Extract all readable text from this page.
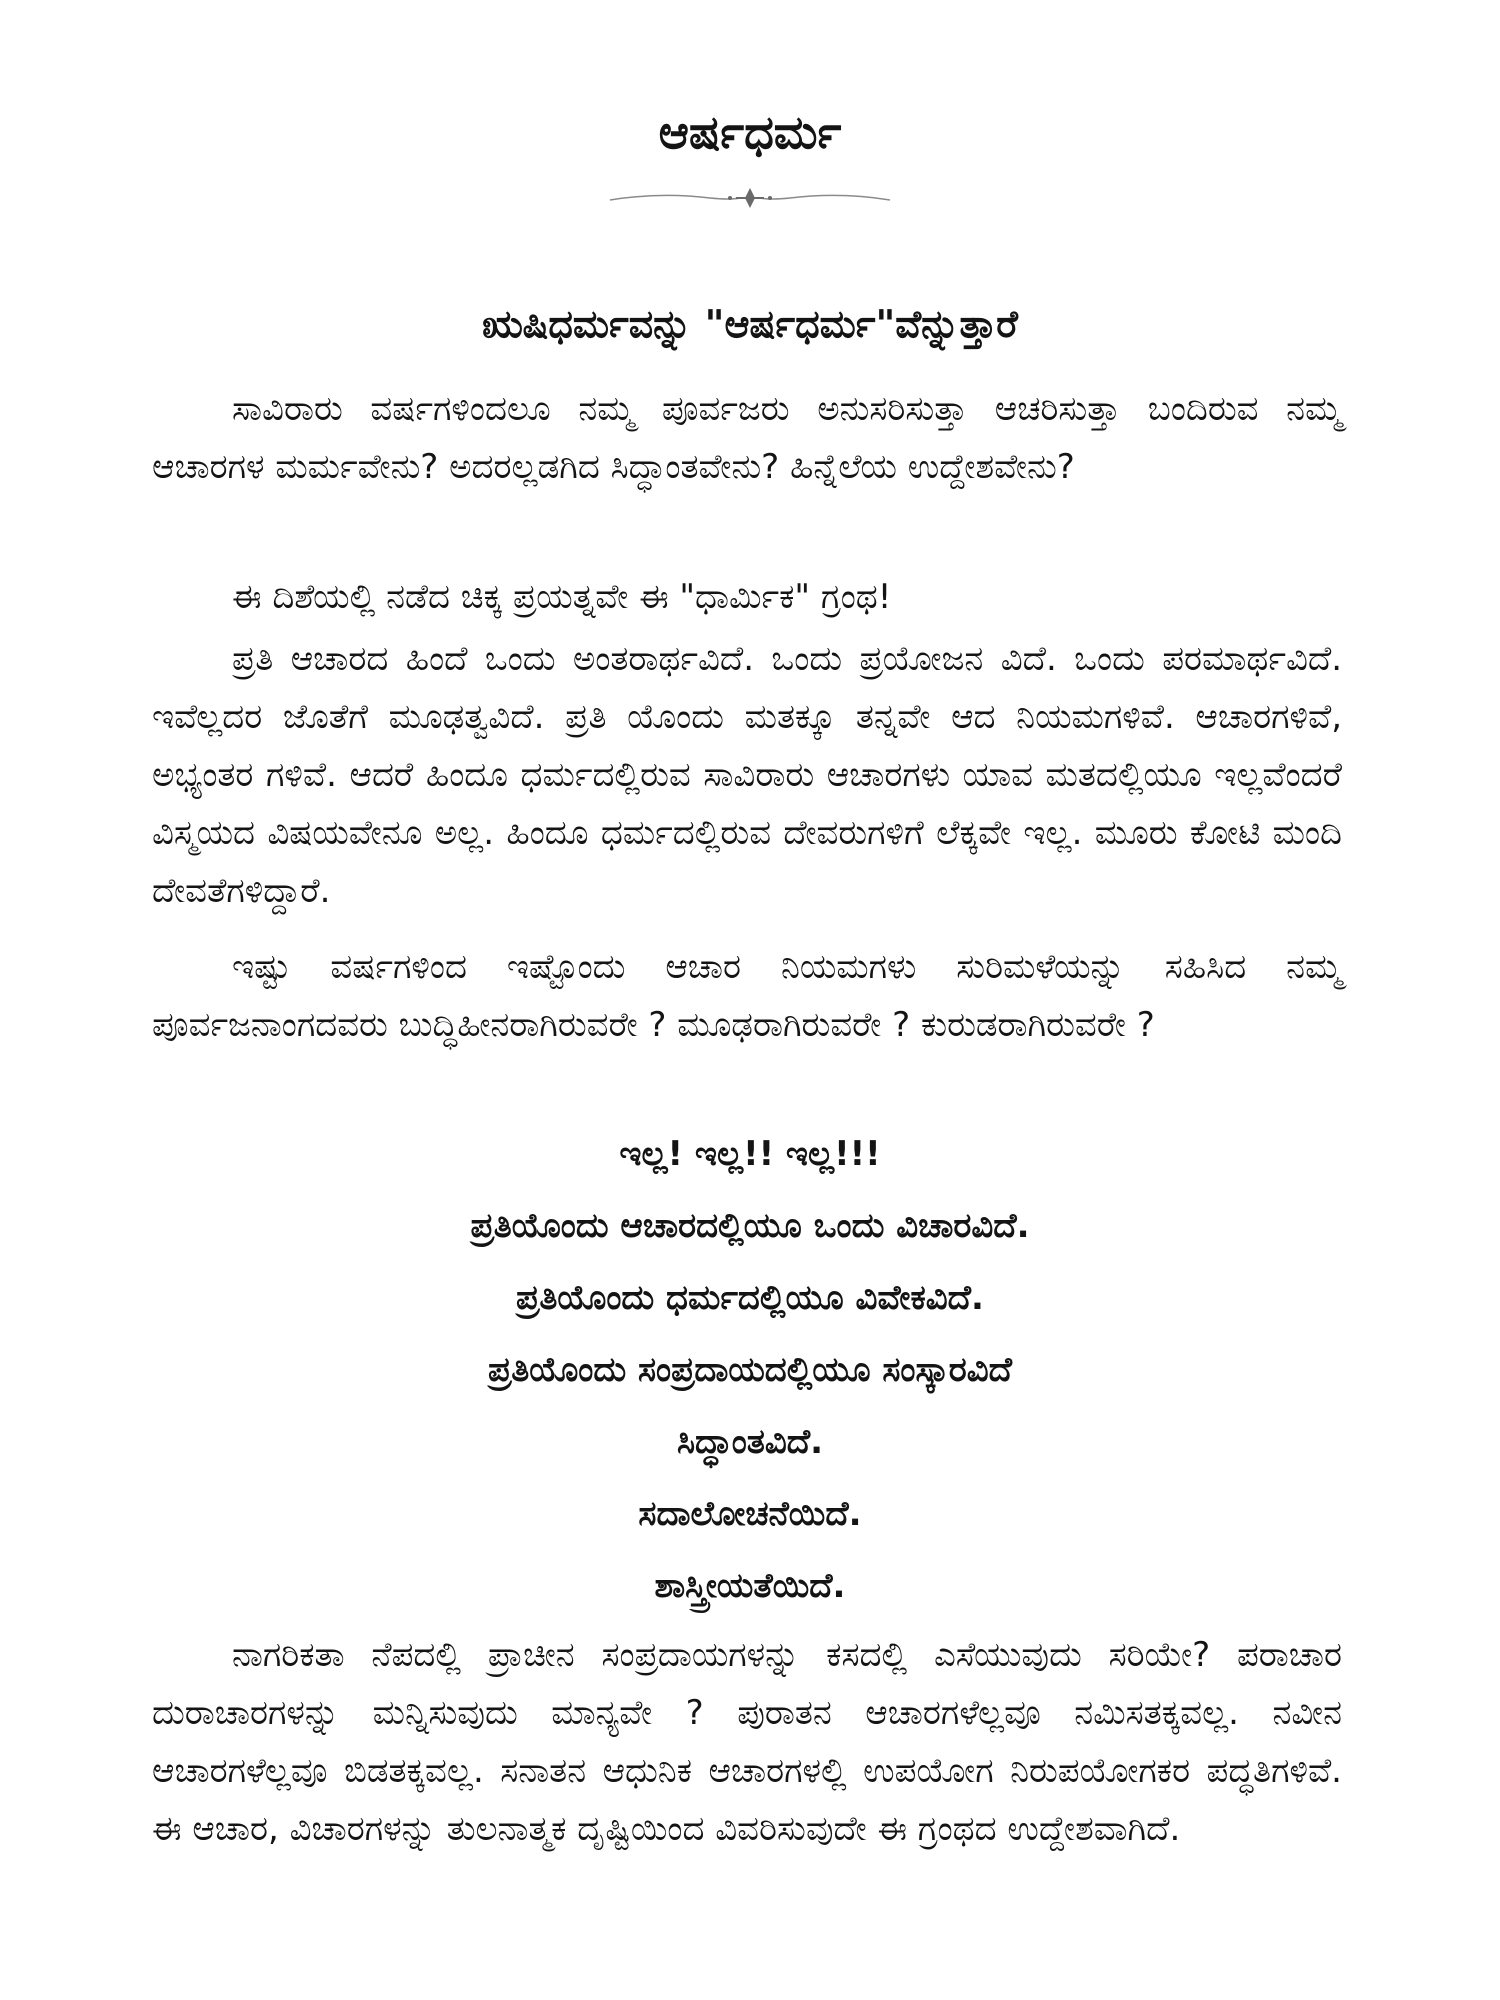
ಆರ್ಷಧರ್ಮ
ಋಷಿಧರ್ಮವನ್ನು "ಆರ್ಷಧರ್ಮ"ವೆನ್ನುತ್ತಾರೆ

ಸಾವಿರಾರು ವರ್ಷಗಳಿಂದಲೂ ನಮ್ಮ ಪೂರ್ವಜರು ಅನುಸರಿಸುತ್ತಾ ಆಚರಿಸುತ್ತಾ ಬಂದಿರುವ ನಮ್ಮ ಆಚಾರಗಳ ಮರ್ಮವೇನು? ಅದರಲ್ಲಡಗಿದ ಸಿದ್ಧಾಂತವೇನು? ಹಿನ್ನೆಲೆಯ ಉದ್ದೇಶವೇನು?

ಈ ದಿಶೆಯಲ್ಲಿ ನಡೆದ ಚಿಕ್ಕ ಪ್ರಯತ್ನವೇ ಈ "ಧಾರ್ಮಿಕ" ಗ್ರಂಥ!

ಪ್ರತಿ ಆಚಾರದ ಹಿಂದೆ ಒಂದು ಅಂತರಾರ್ಥವಿದೆ. ಒಂದು ಪ್ರಯೋಜನ ವಿದೆ. ಒಂದು ಪರಮಾರ್ಥವಿದೆ. ಇವೆಲ್ಲದರ ಜೊತೆಗೆ ಮೂಢತ್ವವಿದೆ. ಪ್ರತಿ ಯೊಂದು ಮತಕ್ಕೂ ತನ್ನವೇ ಆದ ನಿಯಮಗಳಿವೆ. ಆಚಾರಗಳಿವೆ, ಅಭ್ಯಂತರ ಗಳಿವೆ. ಆದರೆ ಹಿಂದೂ ಧರ್ಮದಲ್ಲಿರುವ ಸಾವಿರಾರು ಆಚಾರಗಳು ಯಾವ ಮತದಲ್ಲಿಯೂ ಇಲ್ಲವೆಂದರೆ ವಿಸ್ಮಯದ ವಿಷಯವೇನೂ ಅಲ್ಲ. ಹಿಂದೂ ಧರ್ಮದಲ್ಲಿರುವ ದೇವರುಗಳಿಗೆ ಲೆಕ್ಕವೇ ಇಲ್ಲ. ಮೂರು ಕೋಟಿ ಮಂದಿ ದೇವತೆಗಳಿದ್ದಾರೆ.

ಇಷ್ಟು ವರ್ಷಗಳಿಂದ ಇಷ್ಟೊಂದು ಆಚಾರ ನಿಯಮಗಳು ಸುರಿಮಳೆಯನ್ನು ಸಹಿಸಿದ ನಮ್ಮ ಪೂರ್ವಜನಾಂಗದವರು ಬುದ್ಧಿಹೀನರಾಗಿರುವರೇ ? ಮೂಢರಾಗಿರುವರೇ ? ಕುರುಡರಾಗಿರುವರೇ ?

ಇಲ್ಲ! ಇಲ್ಲ!! ಇಲ್ಲ!!!
ಪ್ರತಿಯೊಂದು ಆಚಾರದಲ್ಲಿಯೂ ಒಂದು ವಿಚಾರವಿದೆ.
ಪ್ರತಿಯೊಂದು ಧರ್ಮದಲ್ಲಿಯೂ ವಿವೇಕವಿದೆ.
ಪ್ರತಿಯೊಂದು ಸಂಪ್ರದಾಯದಲ್ಲಿಯೂ ಸಂಸ್ಕಾರವಿದೆ
ಸಿದ್ಧಾಂತವಿದೆ.
ಸದಾಲೋಚನೆಯಿದೆ.
ಶಾಸ್ತ್ರೀಯತೆಯಿದೆ.

ನಾಗರಿಕತಾ ನೆಪದಲ್ಲಿ ಪ್ರಾಚೀನ ಸಂಪ್ರದಾಯಗಳನ್ನು ಕಸದಲ್ಲಿ ಎಸೆಯುವುದು ಸರಿಯೇ? ಪರಾಚಾರ ದುರಾಚಾರಗಳನ್ನು ಮನ್ನಿಸುವುದು ಮಾನ್ಯವೇ ? ಪುರಾತನ ಆಚಾರಗಳೆಲ್ಲವೂ ನಮಿಸತಕ್ಕವಲ್ಲ. ನವೀನ ಆಚಾರಗಳೆಲ್ಲವೂ ಬಿಡತಕ್ಕವಲ್ಲ. ಸನಾತನ ಆಧುನಿಕ ಆಚಾರಗಳಲ್ಲಿ ಉಪಯೋಗ ನಿರುಪಯೋಗಕರ ಪದ್ಧತಿಗಳಿವೆ. ಈ ಆಚಾರ, ವಿಚಾರಗಳನ್ನು ತುಲನಾತ್ಮಕ ದೃಷ್ಟಿಯಿಂದ ವಿವರಿಸುವುದೇ ಈ ಗ್ರಂಥದ ಉದ್ದೇಶವಾಗಿದೆ.
